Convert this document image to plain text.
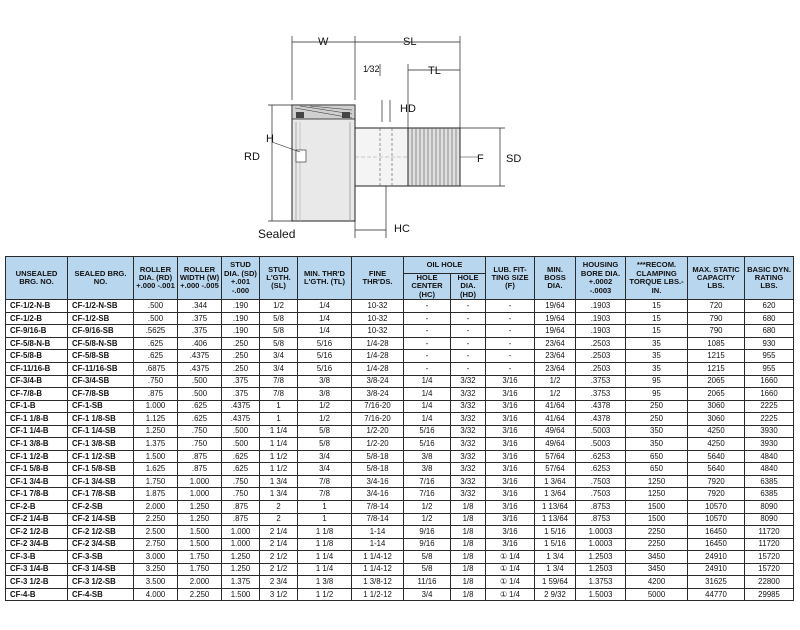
W	SL
1⁄32	TL
HD
RD
H
F SD
HC
Sealed
UNSEALED BRG. NO.	SEALED BRG. NO.	ROLLER DIA. (RD) +.000 -.001	ROLLER WIDTH (W) +.000 -.005	STUD DIA. (SD) +.001 -.000	STUD L'GTH. (SL)	MIN. THR'D L'GTH. (TL)	FINE THR'DS.	OIL HOLE		LUB. FIT- TING SIZE (F)	MIN. BOSS DIA.	HOUSING BORE DIA. +.0002 -.0003	***RECOM. CLAMPING TORQUE LBS.- IN.	MAX. STATIC CAPACITY LBS.	BASIC DYN. RATING LBS.
								HOLE CENTER (HC)	HOLE DIA. (HD)						
CF-1/2-N-B	CF-1/2-N-SB	.500	.344	.190	1/2	1/4	10-32	-	-	-	19/64	.1903	15	720	620
CF-1/2-B	CF-1/2-SB	.500	.375	.190	5/8	1/4	10-32	-	-	-	19/64	.1903	15	790	680
CF-9/16-B	CF-9/16-SB	.5625	.375	.190	5/8	1/4	10-32	-	-	-	19/64	.1903	15	790	680
CF-5/8-N-B	CF-5/8-N-SB	.625	.406	.250	5/8	5/16	1/4-28	-	-	-	23/64	.2503	35	1085	930
CF-5/8-B	CF-5/8-SB	.625	.4375	.250	3/4	5/16	1/4-28	-	-	-	23/64	.2503	35	1215	955
CF-11/16-B	CF-11/16-SB	.6875	.4375	.250	3/4	5/16	1/4-28	-	-	-	23/64	.2503	35	1215	955
CF-3/4-B	CF-3/4-SB	.750	.500	.375	7/8	3/8	3/8-24	1/4	3/32	3/16	1/2	.3753	95	2065	1660
CF-7/8-B	CF-7/8-SB	.875	.500	.375	7/8	3/8	3/8-24	1/4	3/32	3/16	1/2	.3753	95	2065	1660
CF-1-B	CF-1-SB	1.000	.625	.4375	1	1/2	7/16-20	1/4	3/32	3/16	41/64	.4378	250	3060	2225
CF-1 1/8-B	CF-1 1/8-SB	1.125	.625	.4375	1	1/2	7/16-20	1/4	3/32	3/16	41/64	.4378	250	3060	2225
CF-1 1/4-B	CF-1 1/4-SB	1.250	.750	.500	1 1/4	5/8	1/2-20	5/16	3/32	3/16	49/64	.5003	350	4250	3930
CF-1 3/8-B	CF-1 3/8-SB	1.375	.750	.500	1 1/4	5/8	1/2-20	5/16	3/32	3/16	49/64	.5003	350	4250	3930
CF-1 1/2-B	CF-1 1/2-SB	1.500	.875	.625	1 1/2	3/4	5/8-18	3/8	3/32	3/16	57/64	.6253	650	5640	4840
CF-1 5/8-B	CF-1 5/8-SB	1.625	.875	.625	1 1/2	3/4	5/8-18	3/8	3/32	3/16	57/64	.6253	650	5640	4840
CF-1 3/4-B	CF-1 3/4-SB	1.750	1.000	.750	1 3/4	7/8	3/4-16	7/16	3/32	3/16	1 3/64	.7503	1250	7920	6385
CF-1 7/8-B	CF-1 7/8-SB	1.875	1.000	.750	1 3/4	7/8	3/4-16	7/16	3/32	3/16	1 3/64	.7503	1250	7920	6385
CF-2-B	CF-2-SB	2.000	1.250	.875	2	1	7/8-14	1/2	1/8	3/16	1 13/64	.8753	1500	10570	8090
CF-2 1/4-B	CF-2 1/4-SB	2.250	1.250	.875	2	1	7/8-14	1/2	1/8	3/16	1 13/64	.8753	1500	10570	8090
CF-2 1/2-B	CF-2 1/2-SB	2.500	1.500	1.000	2 1/4	1 1/8	1-14	9/16	1/8	3/16	1 5/16	1.0003	2250	16450	11720
CF-2 3/4-B	CF-2 3/4-SB	2.750	1.500	1.000	2 1/4	1 1/8	1-14	9/16	1/8	3/16	1 5/16	1.0003	2250	16450	11720
CF-3-B	CF-3-SB	3.000	1.750	1.250	2 1/2	1 1/4	1 1/4-12	5/8	1/8	① 1/4	1 3/4	1.2503	3450	24910	15720
CF-3 1/4-B	CF-3 1/4-SB	3.250	1.750	1.250	2 1/2	1 1/4	1 1/4-12	5/8	1/8	① 1/4	1 3/4	1.2503	3450	24910	15720
CF-3 1/2-B	CF-3 1/2-SB	3.500	2.000	1.375	2 3/4	1 3/8	1 3/8-12	11/16	1/8	① 1/4	1 59/64	1.3753	4200	31625	22800
CF-4-B	CF-4-SB	4.000	2.250	1.500	3 1/2	1 1/2	1 1/2-12	3/4	1/8	① 1/4	2 9/32	1.5003	5000	44770	29985
